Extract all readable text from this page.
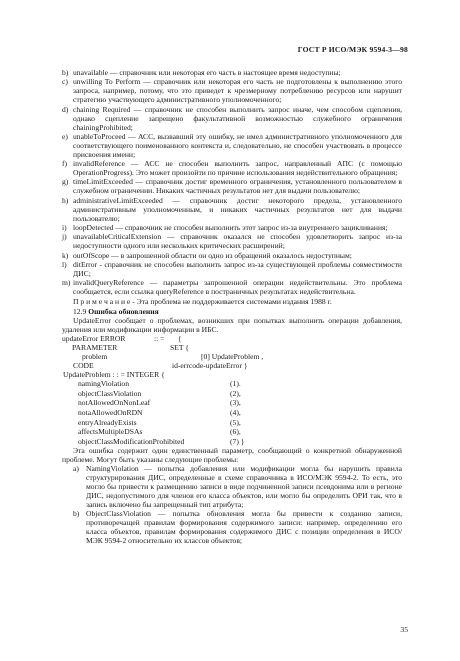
ГОСТ Р ИСО/МЭК 9594-3—98
b) unavailable — справочник или некоторая его часть в настоящее время недоступны;
с) unwilling To Perform — справочник или некоторая его часть не подготовлены к выполнению этого запроса, например, потому, что это приведет к чрезмерному потреблению ресурсов или нарушит стратегию участвующего административного уполномоченного;
d) chaining Required — справочник не способен выполнить запрос иначе, чем способом сцепления, однако сцепление запрещено факультативной возможностью служебного ограничения chainingProhibited;
е) unableToProceed — АСС, вызвавший эту ошибку, не имел административного уполномоченного для соответствующего поименованного контекста и, следовательно, не способен участвовать в процессе присвоения имени;
f) invalidReference — АСС не способен выполнить запрос, направленный АПС (с помощью OperationProgress). Это может произойти по причине использования недействительного обращения;
g) timeLimitExceeded — справочник достиг временного ограничения, установленного пользователем в служебном ограничении. Никаких частичных результатов нет для выдачи пользователю;
h) administrativeLimitExceeded — справочник достиг некоторого предела, установленного административным уполномоченным, и никаких частичных результатов нет для выдачи пользователю;
i) loopDetected — справочник не способен выполнить этот запрос из-за внутреннего зацикливания;
j) unavailableCriticalExtension — справочник оказался не способен удовлетворить запрос из-за недоступности одного или нескольких критических расширений;
k) outOfScope — в запрошенной области он одно из обращений оказалось недоступным;
l) ditError - справочник не способен выполнить запрос из-за существующей проблемы совместимости ДИС;
m) invalidQueryReference — параметры запрошенной операции недействительны. Это проблема сообщается, если ссылка queryReference в постраничных результатах недействительна.
П р и м е ч а н и е - Эта проблема не поддерживается системами издания 1988 г.
12.9 Ошибка обновления
UpdateError сообщает о проблемах, возникших при попытках выполнить операции добавления, удаления или модификации информации в ИБС.
updateError ERROR	:: = {
PARAMETER	SET {
problem	[0] UpdateProblem ,
CODE	id-errcode-updateError }
UpdateProblem : : = INTEGER {
namingViolation	(1).
objectClassViolation	(2),
notAllowedOnNonLeaf	(3),
notaAllowedOnRDN	(4),
entryAlreadyExists	(5),
affectsMultipleDSAs	(6),
objectClassModificationProhibited	(7) }
Эта ошибка содержит один единственный параметр, сообщающий о конкретной обнаруженной проблеме. Могут быть указаны следующие проблемы:
а) NamingViolation — попытка добавления или модификации могла бы нарушить правила структурирования ДИС, определенные в схеме справочника в ИСО/МЭК 9594-2. То есть, это могло бы привести к размещению записи в виде подчиненной записи псевдонима или в регионе ДИС, недопустимого для членов его класса объектов, или могло бы определить ОРИ так, что в запись включено бы запрещенный тип атрибута;
b) ObjectClassViolation — попытка обновления могла бы привести к созданию записи, противоречащей правилам формирования содержимого записи: например, определению его класса объектов, правилам формирования содержимого ДИС с позиции определения в ИСО/МЭК 9594-2 относительно их классов объектов;
35
